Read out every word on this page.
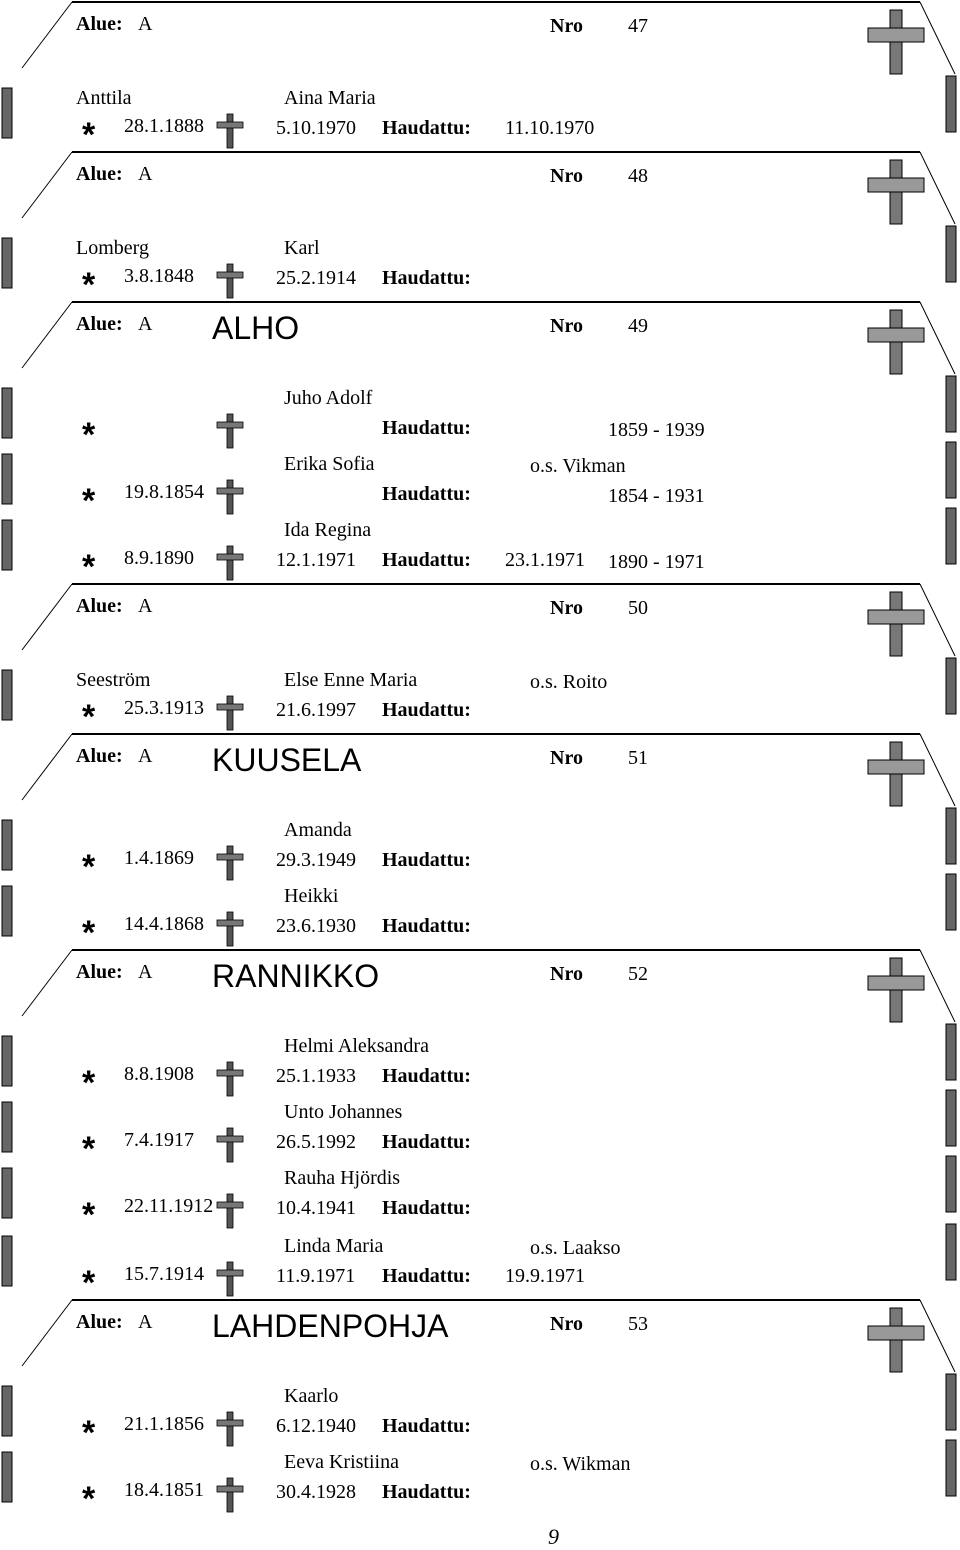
Alue: A	Nro 47
Anttila	Aina Maria
* 28.1.1888	5.10.1970 Haudattu: 11.10.1970
Alue: A	Nro 48
Lomberg	Karl
* 3.8.1848	25.2.1914 Haudattu:
Alue: A ALHO	Nro 49
Juho Adolf
*	Haudattu:	1859 - 1939
Erika Sofia	o.s. Vikman
* 19.8.1854	Haudattu:	1854 - 1931
Ida Regina
* 8.9.1890	12.1.1971 Haudattu: 23.1.1971 1890 - 1971
Alue: A	Nro 50
Seeström	Else Enne Maria	o.s. Roito
* 25.3.1913	21.6.1997 Haudattu:
Alue: A KUUSELA	Nro 51
Amanda
* 1.4.1869	29.3.1949 Haudattu:
Heikki
* 14.4.1868	23.6.1930 Haudattu:
Alue: A RANNIKKO	Nro 52
Helmi Aleksandra
* 8.8.1908	25.1.1933 Haudattu:
Unto Johannes
* 7.4.1917	26.5.1992 Haudattu:
Rauha Hjördis
* 22.11.1912	10.4.1941 Haudattu:
Linda Maria	o.s. Laakso
* 15.7.1914	11.9.1971 Haudattu: 19.9.1971
Alue: A LAHDENPOHJA	Nro 53
Kaarlo
* 21.1.1856	6.12.1940 Haudattu:
Eeva Kristiina	o.s. Wikman
* 18.4.1851	30.4.1928 Haudattu:
9
